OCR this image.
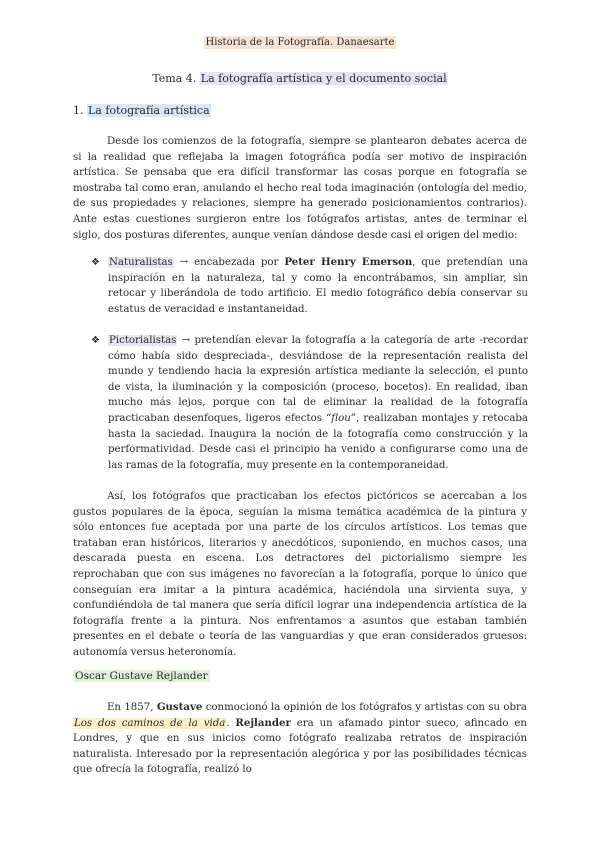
Historia de la Fotografía. Danaesarte
Tema 4. La fotografía artística y el documento social
1. La fotografía artística

Desde los comienzos de la fotografía, siempre se plantearon debates acerca de si la realidad que reflejaba la imagen fotográfica podía ser motivo de inspiración artística. Se pensaba que era difícil transformar las cosas porque en fotografía se mostraba tal como eran, anulando el hecho real toda imaginación (ontología del medio, de sus propiedades y relaciones, siempre ha generado posicionamientos contrarios). Ante estas cuestiones surgieron entre los fotógrafos artistas, antes de terminar el siglo, dos posturas diferentes, aunque venían dándose desde casi el origen del medio:

❖ Naturalistas → encabezada por Peter Henry Emerson, que pretendían una inspiración en la naturaleza, tal y como la encontrábamos, sin ampliar, sin retocar y liberándola de todo artificio. El medio fotográfico debía conservar su estatus de veracidad e instantaneidad.
❖ Pictorialistas → pretendían elevar la fotografía a la categoría de arte -recordar cómo había sido despreciada-, desviándose de la representación realista del mundo y tendiendo hacia la expresión artística mediante la selección, el punto de vista, la iluminación y la composición (proceso, bocetos). En realidad, iban mucho más lejos, porque con tal de eliminar la realidad de la fotografía practicaban desenfoques, ligeros efectos “flou”, realizaban montajes y retocaba hasta la saciedad. Inaugura la noción de la fotografía como construcción y la performatividad. Desde casi el principio ha venido a configurarse como una de las ramas de la fotografía, muy presente en la contemporaneidad.

Así, los fotógrafos que practicaban los efectos pictóricos se acercaban a los gustos populares de la época, seguían la misma temática académica de la pintura y sólo entonces fue aceptada por una parte de los círculos artísticos. Los temas que trataban eran históricos, literarios y anecdóticos, suponiendo, en muchos casos, una descarada puesta en escena. Los detractores del pictorialismo siempre les reprochaban que con sus imágenes no favorecían a la fotografía, porque lo único que conseguían era imitar a la pintura académica, haciéndola una sirvienta suya, y confundiéndola de tal manera que sería difícil lograr una independencia artística de la fotografía frente a la pintura. Nos enfrentamos a asuntos que estaban también presentes en el debate o teoría de las vanguardias y que eran considerados gruesos: autonomía versus heteronomía.

Oscar Gustave Rejlander

En 1857, Gustave conmocionó la opinión de los fotógrafos y artistas con su obra Los dos caminos de la vida. Rejlander era un afamado pintor sueco, afincado en Londres, y que en sus inicios como fotógrafo realizaba retratos de inspiración naturalista. Interesado por la representación alegórica y por las posibilidades técnicas que ofrecía la fotografía, realizó lo
